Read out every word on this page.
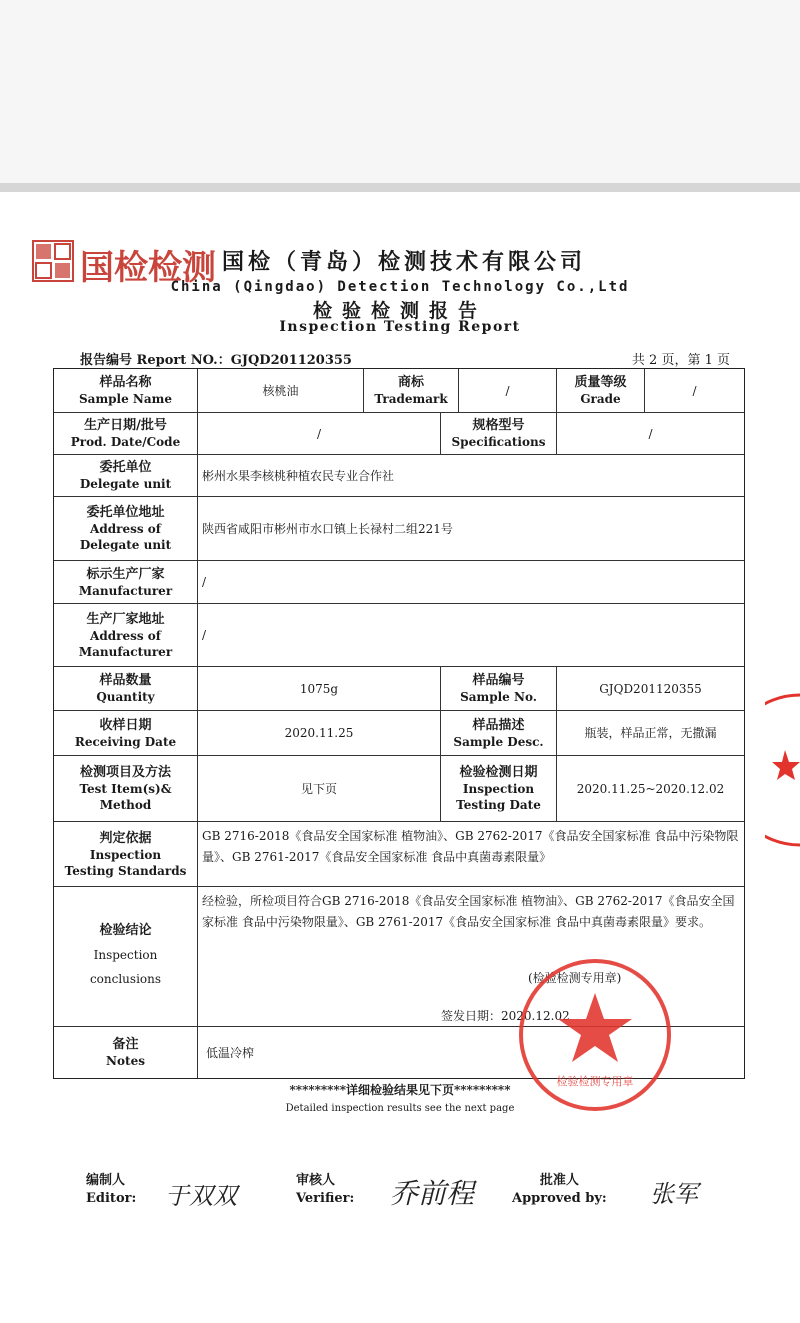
国检检测 国检（青岛）检测技术有限公司
China (Qingdao) Detection Technology Co.,Ltd
检验检测报告
Inspection Testing Report
报告编号 Report NO.：GJQD201120355	共 2 页，第 1 页
样品名称
Sample Name
核桃油
商标
Trademark
/
质量等级
Grade
/
生产日期/批号
Prod. Date/Code
/
规格型号
Specifications
/
委托单位
Delegate unit
彬州水果李核桃种植农民专业合作社
委托单位地址
Address of
Delegate unit
陕西省咸阳市彬州市水口镇上长禄村二组221号
标示生产厂家
Manufacturer
/
生产厂家地址
Address of
Manufacturer
/
样品数量
Quantity
1075g
样品编号
Sample No.
GJQD201120355
收样日期
Receiving Date
2020.11.25
样品描述
Sample Desc.
瓶装，样品正常，无撒漏
检测项目及方法
Test Item(s)&
Method
见下页
检验检测日期
Inspection
Testing Date
2020.11.25~2020.12.02
判定依据
Inspection
Testing Standards
GB 2716-2018《食品安全国家标准 植物油》、GB 2762-2017《食品安全国家标准 食品中污染物限量》、GB 2761-2017《食品安全国家标准 食品中真菌毒素限量》
检验结论
Inspection
conclusions
经检验，所检项目符合GB 2716-2018《食品安全国家标准 植物油》、GB 2762-2017《食品安全国家标准 食品中污染物限量》、GB 2761-2017《食品安全国家标准 食品中真菌毒素限量》要求。
(检验检测专用章)
签发日期：2020.12.02
备注
Notes
低温冷榨
检验检测专用章
*********详细检验结果见下页*********
Detailed inspection results see the next page
编制人
Editor: 于双双
审核人
Verifier: 乔前程	批准人
Approved by: 张军
